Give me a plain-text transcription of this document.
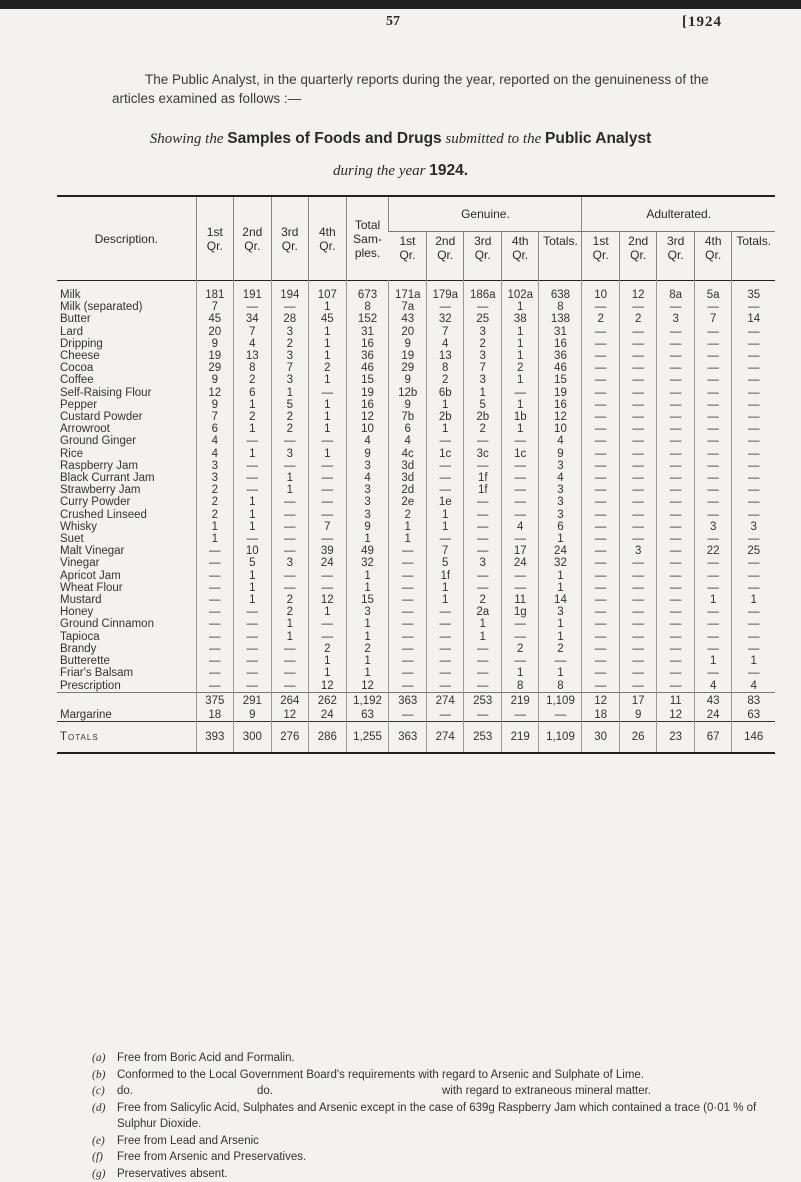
57	[1924

The Public Analyst, in the quarterly reports during the year, reported on the genuineness of the articles examined as follows :—

Showing the Samples of Foods and Drugs submitted to the Public Analyst
during the year 1924.
Description.	1st Qr.	2nd Qr.	3rd Qr.	4th Qr.	Total Sam- ples.	Genuine.					Adulterated.				
						1st Qr.	2nd Qr.	3rd Qr.	4th Qr.	Totals.	1st Qr.	2nd Qr.	3rd Qr.	4th Qr.	Totals.

Milk	181	191	194	107	673	171a	179a	186a	102a	638	10	12	8a	5a	35
Milk (separated)	7	—	—	1	8	7a	—	—	1	8	—	—	—	—	—
Butter	45	34	28	45	152	43	32	25	38	138	2	2	3	7	14
Lard	20	7	3	1	31	20	7	3	1	31	—	—	—	—	—
Dripping	9	4	2	1	16	9	4	2	1	16	—	—	—	—	—
Cheese	19	13	3	1	36	19	13	3	1	36	—	—	—	—	—
Cocoa	29	8	7	2	46	29	8	7	2	46	—	—	—	—	—
Coffee	9	2	3	1	15	9	2	3	1	15	—	—	—	—	—
Self-Raising Flour	12	6	1	—	19	12b	6b	1	—	19	—	—	—	—	—
Pepper	9	1	5	1	16	9	1	5	1	16	—	—	—	—	—
Custard Powder	7	2	2	1	12	7b	2b	2b	1b	12	—	—	—	—	—
Arrowroot	6	1	2	1	10	6	1	2	1	10	—	—	—	—	—
Ground Ginger	4	—	—	—	4	4	—	—	—	4	—	—	—	—	—
Rice	4	1	3	1	9	4c	1c	3c	1c	9	—	—	—	—	—
Raspberry Jam	3	—	—	—	3	3d	—	—	—	3	—	—	—	—	—
Black Currant Jam	3	—	1	—	4	3d	—	1f	—	4	—	—	—	—	—
Strawberry Jam	2	—	1	—	3	2d	—	1f	—	3	—	—	—	—	—
Curry Powder	2	1	—	—	3	2e	1e	—	—	3	—	—	—	—	—
Crushed Linseed	2	1	—	—	3	2	1	—	—	3	—	—	—	—	—
Whisky	1	1	—	7	9	1	1	—	4	6	—	—	—	3	3
Suet	1	—	—	—	1	1	—	—	—	1	—	—	—	—	—
Malt Vinegar	—	10	—	39	49	—	7	—	17	24	—	3	—	22	25
Vinegar	—	5	3	24	32	—	5	3	24	32	—	—	—	—	—
Apricot Jam	—	1	—	—	1	—	1f	—	—	1	—	—	—	—	—
Wheat Flour	—	1	—	—	1	—	1	—	—	1	—	—	—	—	—
Mustard	—	1	2	12	15	—	1	2	11	14	—	—	—	1	1
Honey	—	—	2	1	3	—	—	2a	1g	3	—	—	—	—	—
Ground Cinnamon	—	—	1	—	1	—	—	1	—	1	—	—	—	—	—
Tapioca	—	—	1	—	1	—	—	1	—	1	—	—	—	—	—
Brandy	—	—	—	2	2	—	—	—	2	2	—	—	—	—	—
Butterette	—	—	—	1	1	—	—	—	—	—	—	—	—	1	1
Friar's Balsam	—	—	—	1	1	—	—	—	1	1	—	—	—	—	—
Prescription	—	—	—	12	12	—	—	—	8	8	—	—	—	4	4
	375	291	264	262	1,192	363	274	253	219	1,109	12	17	11	43	83
Margarine	18	9	12	24	63	—	—	—	—	—	18	9	12	24	63
Totals	393	300	276	286	1,255	363	274	253	219	1,109	30	26	23	67	146
(a) Free from Boric Acid and Formalin.
(b) Conformed to the Local Government Board's requirements with regard to Arsenic and Sulphate of Lime.
(c) do.	do.	with regard to extraneous mineral matter.
(d) Free from Salicylic Acid, Sulphates and Arsenic except in the case of 639g Raspberry Jam which contained a trace (0·01 % of Sulphur Dioxide.
(e) Free from Lead and Arsenic
(f) Free from Arsenic and Preservatives.
(g) Preservatives absent.
